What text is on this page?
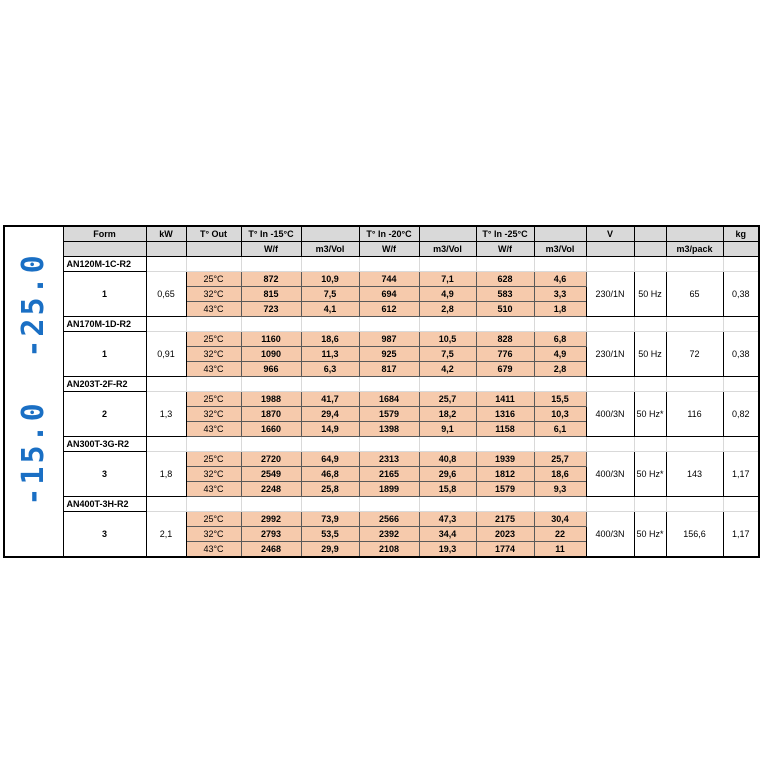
-25.0
-15.0	Form	kW	T° Out	T° In -15°C		T° In -20°C		T° In -25°C		V			kg
				W/f	m3/Vol	W/f	m3/Vol	W/f	m3/Vol			m3/pack	
	AN120M-1C-R2												
	1	0,65	25°C	872	10,9	744	7,1	628	4,6	230/1N	50 Hz	65	0,38
			32°C	815	7,5	694	4,9	583	3,3				
			43°C	723	4,1	612	2,8	510	1,8				
	AN170M-1D-R2												
	1	0,91	25°C	1160	18,6	987	10,5	828	6,8	230/1N	50 Hz	72	0,38
			32°C	1090	11,3	925	7,5	776	4,9				
			43°C	966	6,3	817	4,2	679	2,8				
	AN203T-2F-R2												
	2	1,3	25°C	1988	41,7	1684	25,7	1411	15,5	400/3N	50 Hz*	116	0,82
			32°C	1870	29,4	1579	18,2	1316	10,3				
			43°C	1660	14,9	1398	9,1	1158	6,1				
	AN300T-3G-R2												
	3	1,8	25°C	2720	64,9	2313	40,8	1939	25,7	400/3N	50 Hz*	143	1,17
			32°C	2549	46,8	2165	29,6	1812	18,6				
			43°C	2248	25,8	1899	15,8	1579	9,3				
	AN400T-3H-R2												
	3	2,1	25°C	2992	73,9	2566	47,3	2175	30,4	400/3N	50 Hz*	156,6	1,17
			32°C	2793	53,5	2392	34,4	2023	22				
			43°C	2468	29,9	2108	19,3	1774	11				
